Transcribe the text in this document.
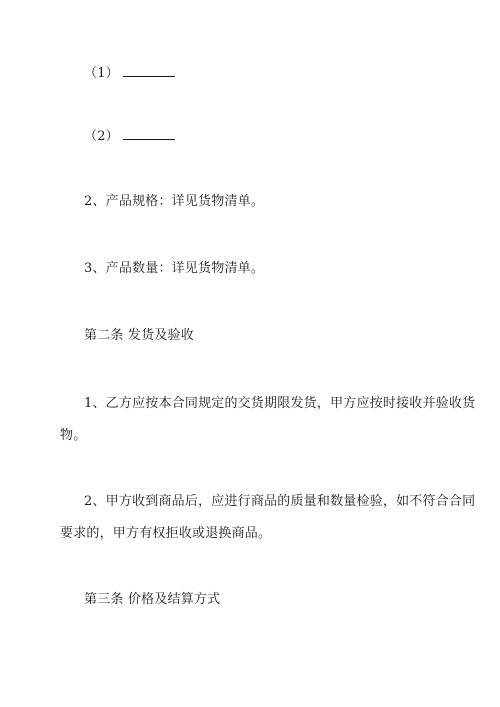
（1）
（2）
2、产品规格：详见货物清单。
3、产品数量：详见货物清单。
第二条 发货及验收
1、乙方应按本合同规定的交货期限发货，甲方应按时接收并验收货
物。
2、甲方收到商品后，应进行商品的质量和数量检验，如不符合合同
要求的，甲方有权拒收或退换商品。
第三条 价格及结算方式
